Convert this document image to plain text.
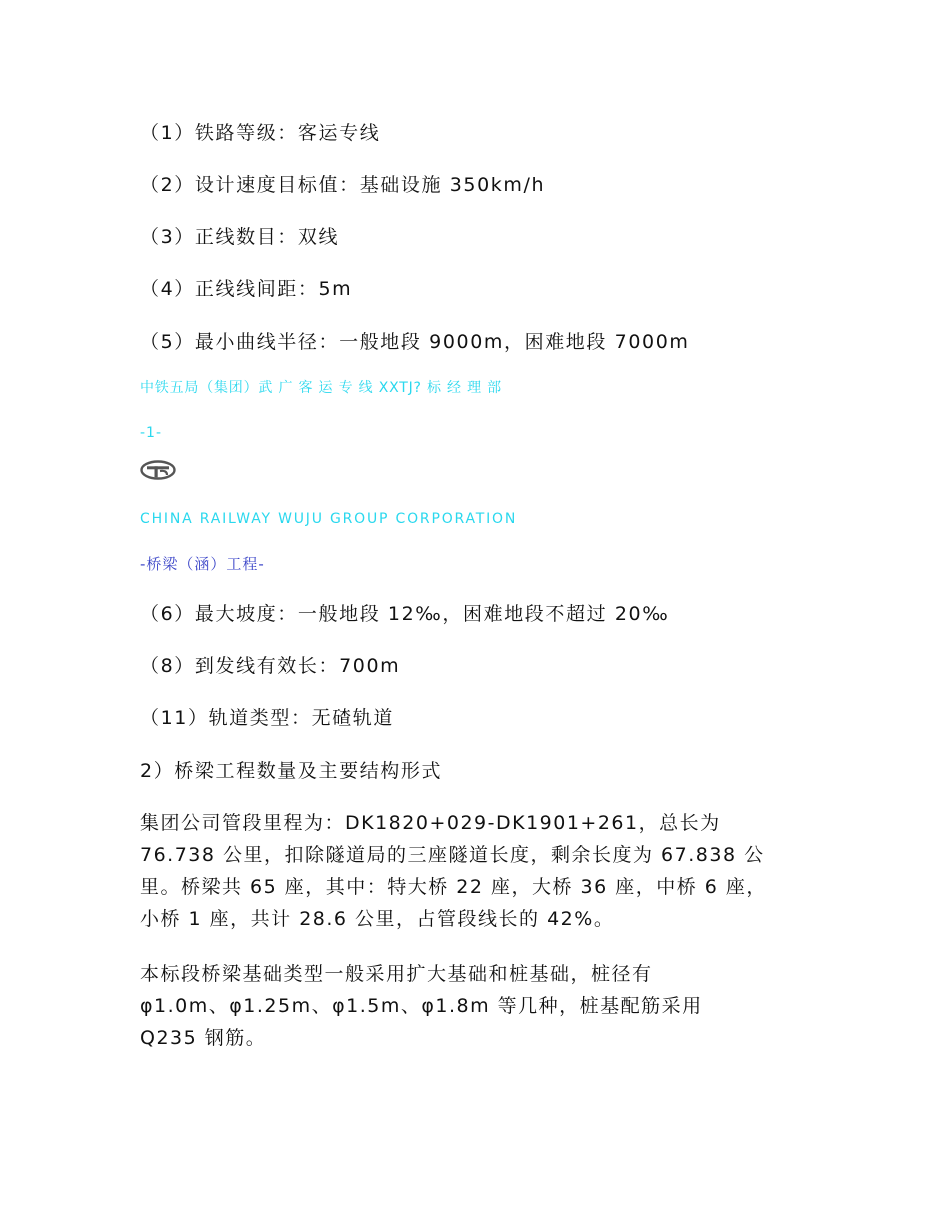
（1）铁路等级：客运专线
（2）设计速度目标值：基础设施 350km/h
（3）正线数目：双线
（4）正线线间距：5m
（5）最小曲线半径：一般地段 9000m，困难地段 7000m
中铁五局（集团）武 广 客 运 专 线 XXTJ? 标 经 理 部
-1-
CHINA RAILWAY WUJU GROUP CORPORATION
-桥梁（涵）工程-
（6）最大坡度：一般地段 12‰，困难地段不超过 20‰
（8）到发线有效长：700m
（11）轨道类型：无碴轨道
2）桥梁工程数量及主要结构形式
集团公司管段里程为：DK1820+029-DK1901+261，总长为
76.738 公里，扣除隧道局的三座隧道长度，剩余长度为 67.838 公
里。桥梁共 65 座，其中：特大桥 22 座，大桥 36 座，中桥 6 座，
小桥 1 座，共计 28.6 公里，占管段线长的 42%。
本标段桥梁基础类型一般采用扩大基础和桩基础，桩径有
φ1.0m、φ1.25m、φ1.5m、φ1.8m 等几种，桩基配筋采用
Q235 钢筋。
